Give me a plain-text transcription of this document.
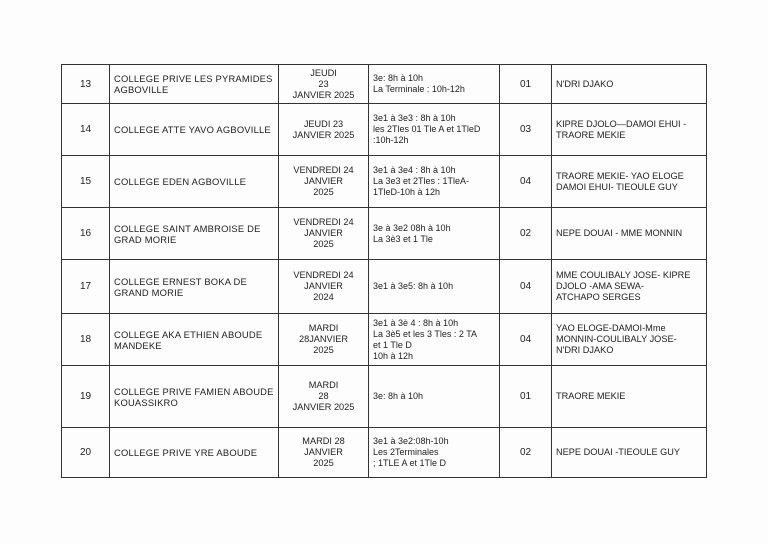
13	COLLEGE PRIVE LES PYRAMIDES
AGBOVILLE	JEUDI
23
JANVIER 2025	3e: 8h à 10h
La Terminale : 10h-12h	01	N'DRI DJAKO

14	COLLEGE ATTE YAVO AGBOVILLE	JEUDI 23
JANVIER 2025	3e1 à 3e3 : 8h à 10h
les 2Tles 01 Tle A et 1TleD
:10h-12h	03	KIPRE DJOLO—DAMOI EHUI -
TRAORE MEKIE

15	COLLEGE EDEN AGBOVILLE	VENDREDI 24
JANVIER
2025	3e1 à 3e4 : 8h à 10h
La 3e3 et 2Tles : 1TleA-
1TleD-10h à 12h	04	TRAORE MEKIE- YAO ELOGE
DAMOI EHUI- TIEOULE GUY

16	COLLEGE SAINT AMBROISE DE
GRAD MORIE	VENDREDI 24
JANVIER
2025	3e à 3e2 08h à 10h
La 3è3 et 1 Tle	02	NEPE DOUAI - MME MONNIN

17	COLLEGE ERNEST BOKA DE
GRAND MORIE	VENDREDI 24
JANVIER
2024	3e1 à 3e5: 8h à 10h	04	MME COULIBALY JOSE- KIPRE
DJOLO -AMA SEWA-
ATCHAPO SERGES

18	COLLEGE AKA ETHIEN ABOUDE
MANDEKE	MARDI
28JANVIER
2025	3e1 à 3è 4 : 8h à 10h
La 3è5 et les 3 Tles : 2 TA
et 1 Tle D
10h à 12h	04	YAO ELOGE-DAMOI-Mme
MONNIN-COULIBALY JOSE-
N'DRI DJAKO

19	COLLEGE PRIVE FAMIEN ABOUDE
KOUASSIKRO	MARDI
28
JANVIER 2025	3e: 8h à 10h	01	TRAORE MEKIE

20	COLLEGE PRIVE YRE ABOUDE	MARDI 28
JANVIER
2025	3e1 à 3e2:08h-10h
Les 2Terminales
; 1TLE A et 1Tle D	02	NEPE DOUAI -TIEOULE GUY
